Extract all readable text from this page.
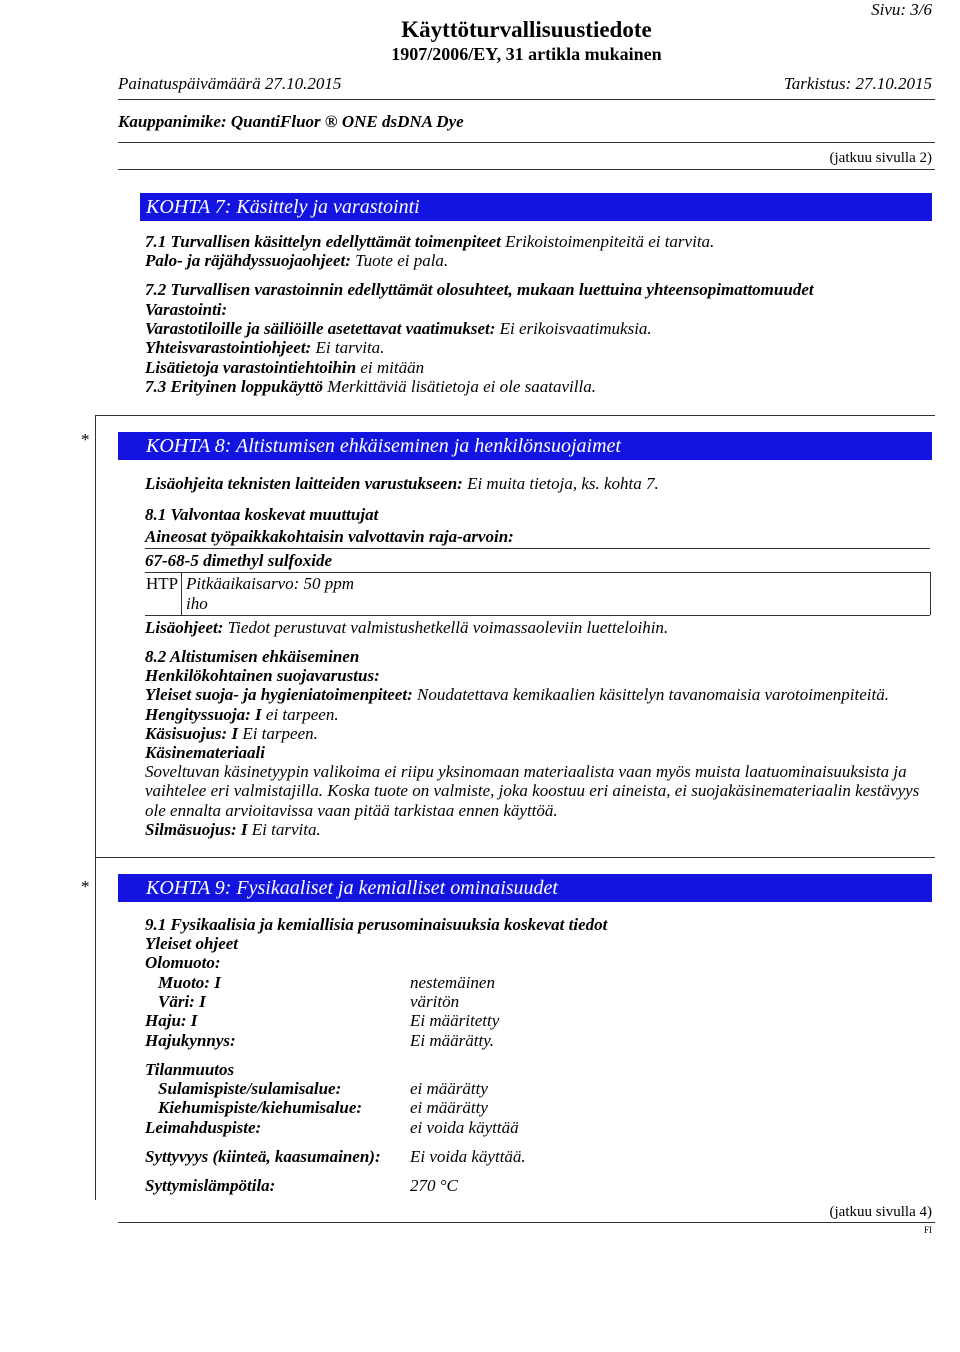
Sivu: 3/6
Käyttöturvallisuustiedote
1907/2006/EY, 31 artikla mukainen
Painatuspäivämäärä 27.10.2015	Tarkistus: 27.10.2015
Kauppanimike: QuantiFluor ® ONE dsDNA Dye
(jatkuu sivulla 2)
KOHTA 7: Käsittely ja varastointi
7.1 Turvallisen käsittelyn edellyttämät toimenpiteet Erikoistoimenpiteitä ei tarvita.
Palo- ja räjähdyssuojaohjeet: Tuote ei pala.
7.2 Turvallisen varastoinnin edellyttämät olosuhteet, mukaan luettuina yhteensopimattomuudet
Varastointi:
Varastotiloille ja säiliöille asetettavat vaatimukset: Ei erikoisvaatimuksia.
Yhteisvarastointiohjeet: Ei tarvita.
Lisätietoja varastointiehtoihin ei mitään
7.3 Erityinen loppukäyttö Merkittäviä lisätietoja ei ole saatavilla.
*	KOHTA 8: Altistumisen ehkäiseminen ja henkilönsuojaimet
Lisäohjeita teknisten laitteiden varustukseen: Ei muita tietoja, ks. kohta 7.
8.1 Valvontaa koskevat muuttujat
Aineosat työpaikkakohtaisin valvottavin raja-arvoin:
67-68-5 dimethyl sulfoxide
HTP Pitkäaikaisarvo: 50 ppm
iho
Lisäohjeet: Tiedot perustuvat valmistushetkellä voimassaoleviin luetteloihin.
8.2 Altistumisen ehkäiseminen
Henkilökohtainen suojavarustus:
Yleiset suoja- ja hygieniatoimenpiteet: Noudatettava kemikaalien käsittelyn tavanomaisia varotoimenpiteitä.
Hengityssuoja: I ei tarpeen.
Käsisuojus: I Ei tarpeen.
Käsinemateriaali
Soveltuvan käsinetyypin valikoima ei riipu yksinomaan materiaalista vaan myös muista laatuominaisuuksista ja
vaihtelee eri valmistajilla. Koska tuote on valmiste, joka koostuu eri aineista, ei suojakäsinemateriaalin kestävyys
ole ennalta arvioitavissa vaan pitää tarkistaa ennen käyttöä.
Silmäsuojus: I Ei tarvita.
*	KOHTA 9: Fysikaaliset ja kemialliset ominaisuudet
9.1 Fysikaalisia ja kemiallisia perusominaisuuksia koskevat tiedot
Yleiset ohjeet
Olomuoto:
Muoto: I	nestemäinen
Väri: I	väritön
Haju: I	Ei määritetty
Hajukynnys:	Ei määrätty.
Tilanmuutos
Sulamispiste/sulamisalue:	ei määrätty
Kiehumispiste/kiehumisalue:	ei määrätty
Leimahduspiste:	ei voida käyttää
Syttyvyys (kiinteä, kaasumainen): Ei voida käyttää.
Syttymislämpötila:	270 °C
(jatkuu sivulla 4)
FI
